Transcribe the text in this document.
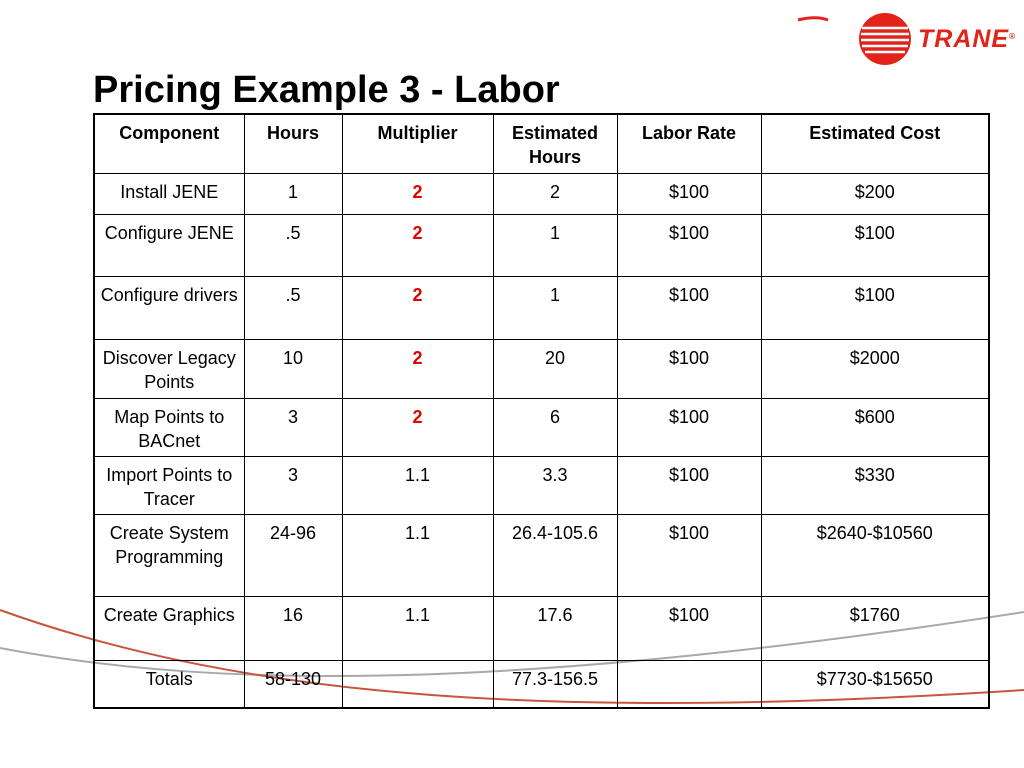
TRANE®
Pricing Example 3 - Labor
Component	Hours	Multiplier	Estimated Hours	Labor Rate	Estimated Cost
Install JENE	1	2	2	$100	$200
Configure JENE	.5	2	1	$100	$100
Configure drivers	.5	2	1	$100	$100
Discover Legacy Points	10	2	20	$100	$2000
Map Points to BACnet	3	2	6	$100	$600
Import Points to Tracer	3	1.1	3.3	$100	$330
Create System Programming	24-96	1.1	26.4-105.6	$100	$2640-$10560
Create Graphics	16	1.1	17.6	$100	$1760
Totals	58-130		77.3-156.5		$7730-$15650
